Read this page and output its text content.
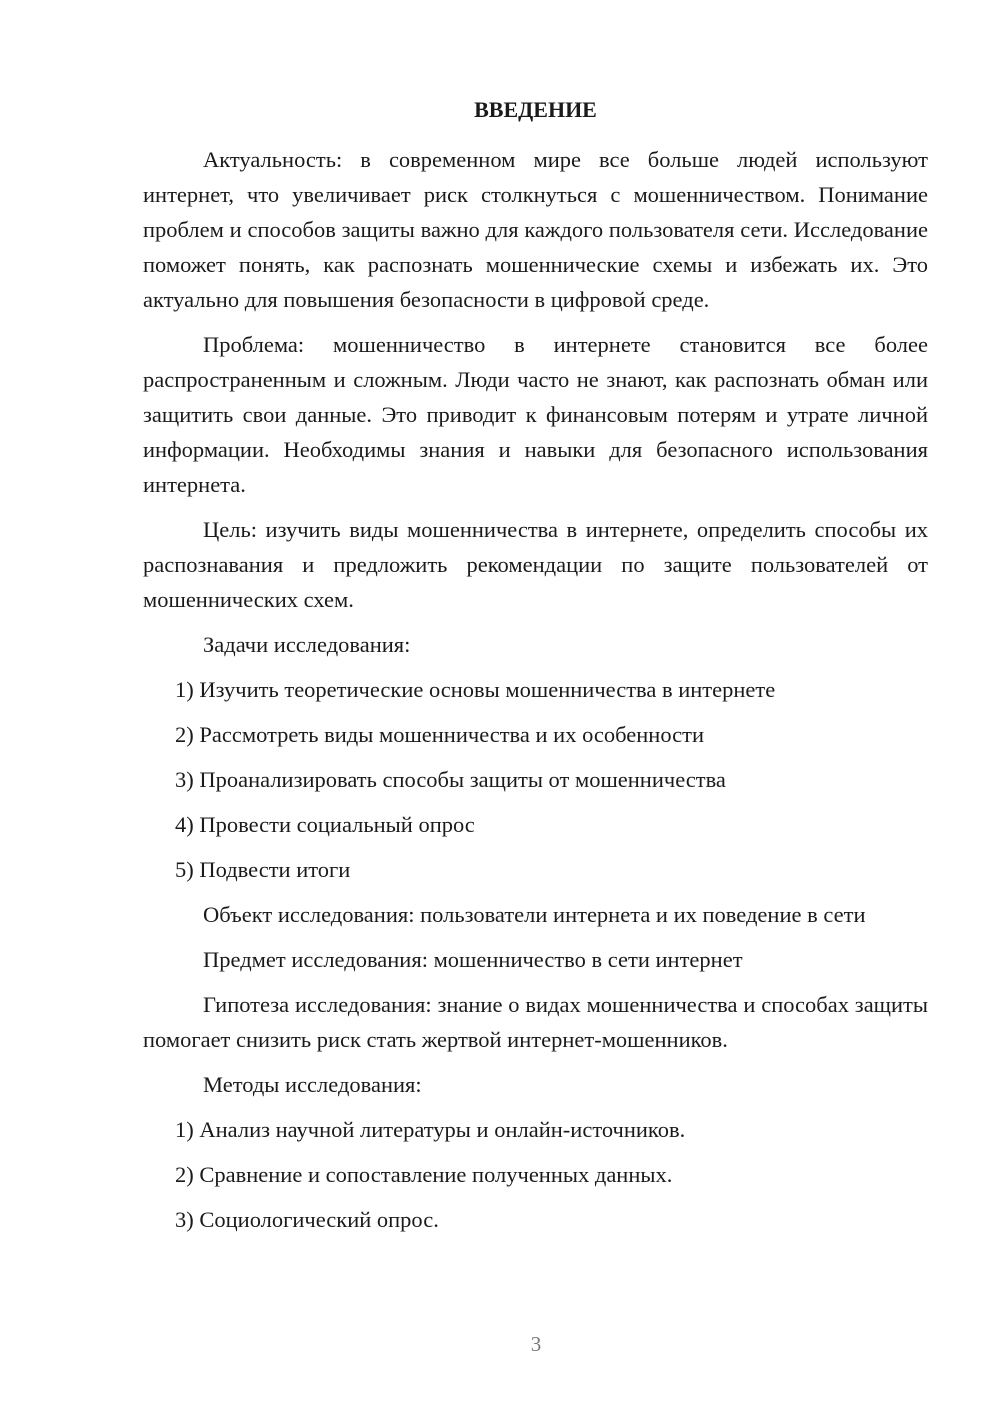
ВВЕДЕНИЕ

Актуальность: в современном мире все больше людей используют интернет, что увеличивает риск столкнуться с мошенничеством. Понимание проблем и способов защиты важно для каждого пользователя сети. Исследование поможет понять, как распознать мошеннические схемы и избежать их. Это актуально для повышения безопасности в цифровой среде.

Проблема: мошенничество в интернете становится все более распространенным и сложным. Люди часто не знают, как распознать обман или защитить свои данные. Это приводит к финансовым потерям и утрате личной информации. Необходимы знания и навыки для безопасного использования интернета.

Цель: изучить виды мошенничества в интернете, определить способы их распознавания и предложить рекомендации по защите пользователей от мошеннических схем.

Задачи исследования:
1) Изучить теоретические основы мошенничества в интернете
2) Рассмотреть виды мошенничества и их особенности
3) Проанализировать способы защиты от мошенничества
4) Провести социальный опрос
5) Подвести итоги

Объект исследования: пользователи интернета и их поведение в сети

Предмет исследования: мошенничество в сети интернет

Гипотеза исследования: знание о видах мошенничества и способах защиты помогает снизить риск стать жертвой интернет-мошенников.

Методы исследования:
1) Анализ научной литературы и онлайн-источников.
2) Сравнение и сопоставление полученных данных.
3) Социологический опрос.
3
